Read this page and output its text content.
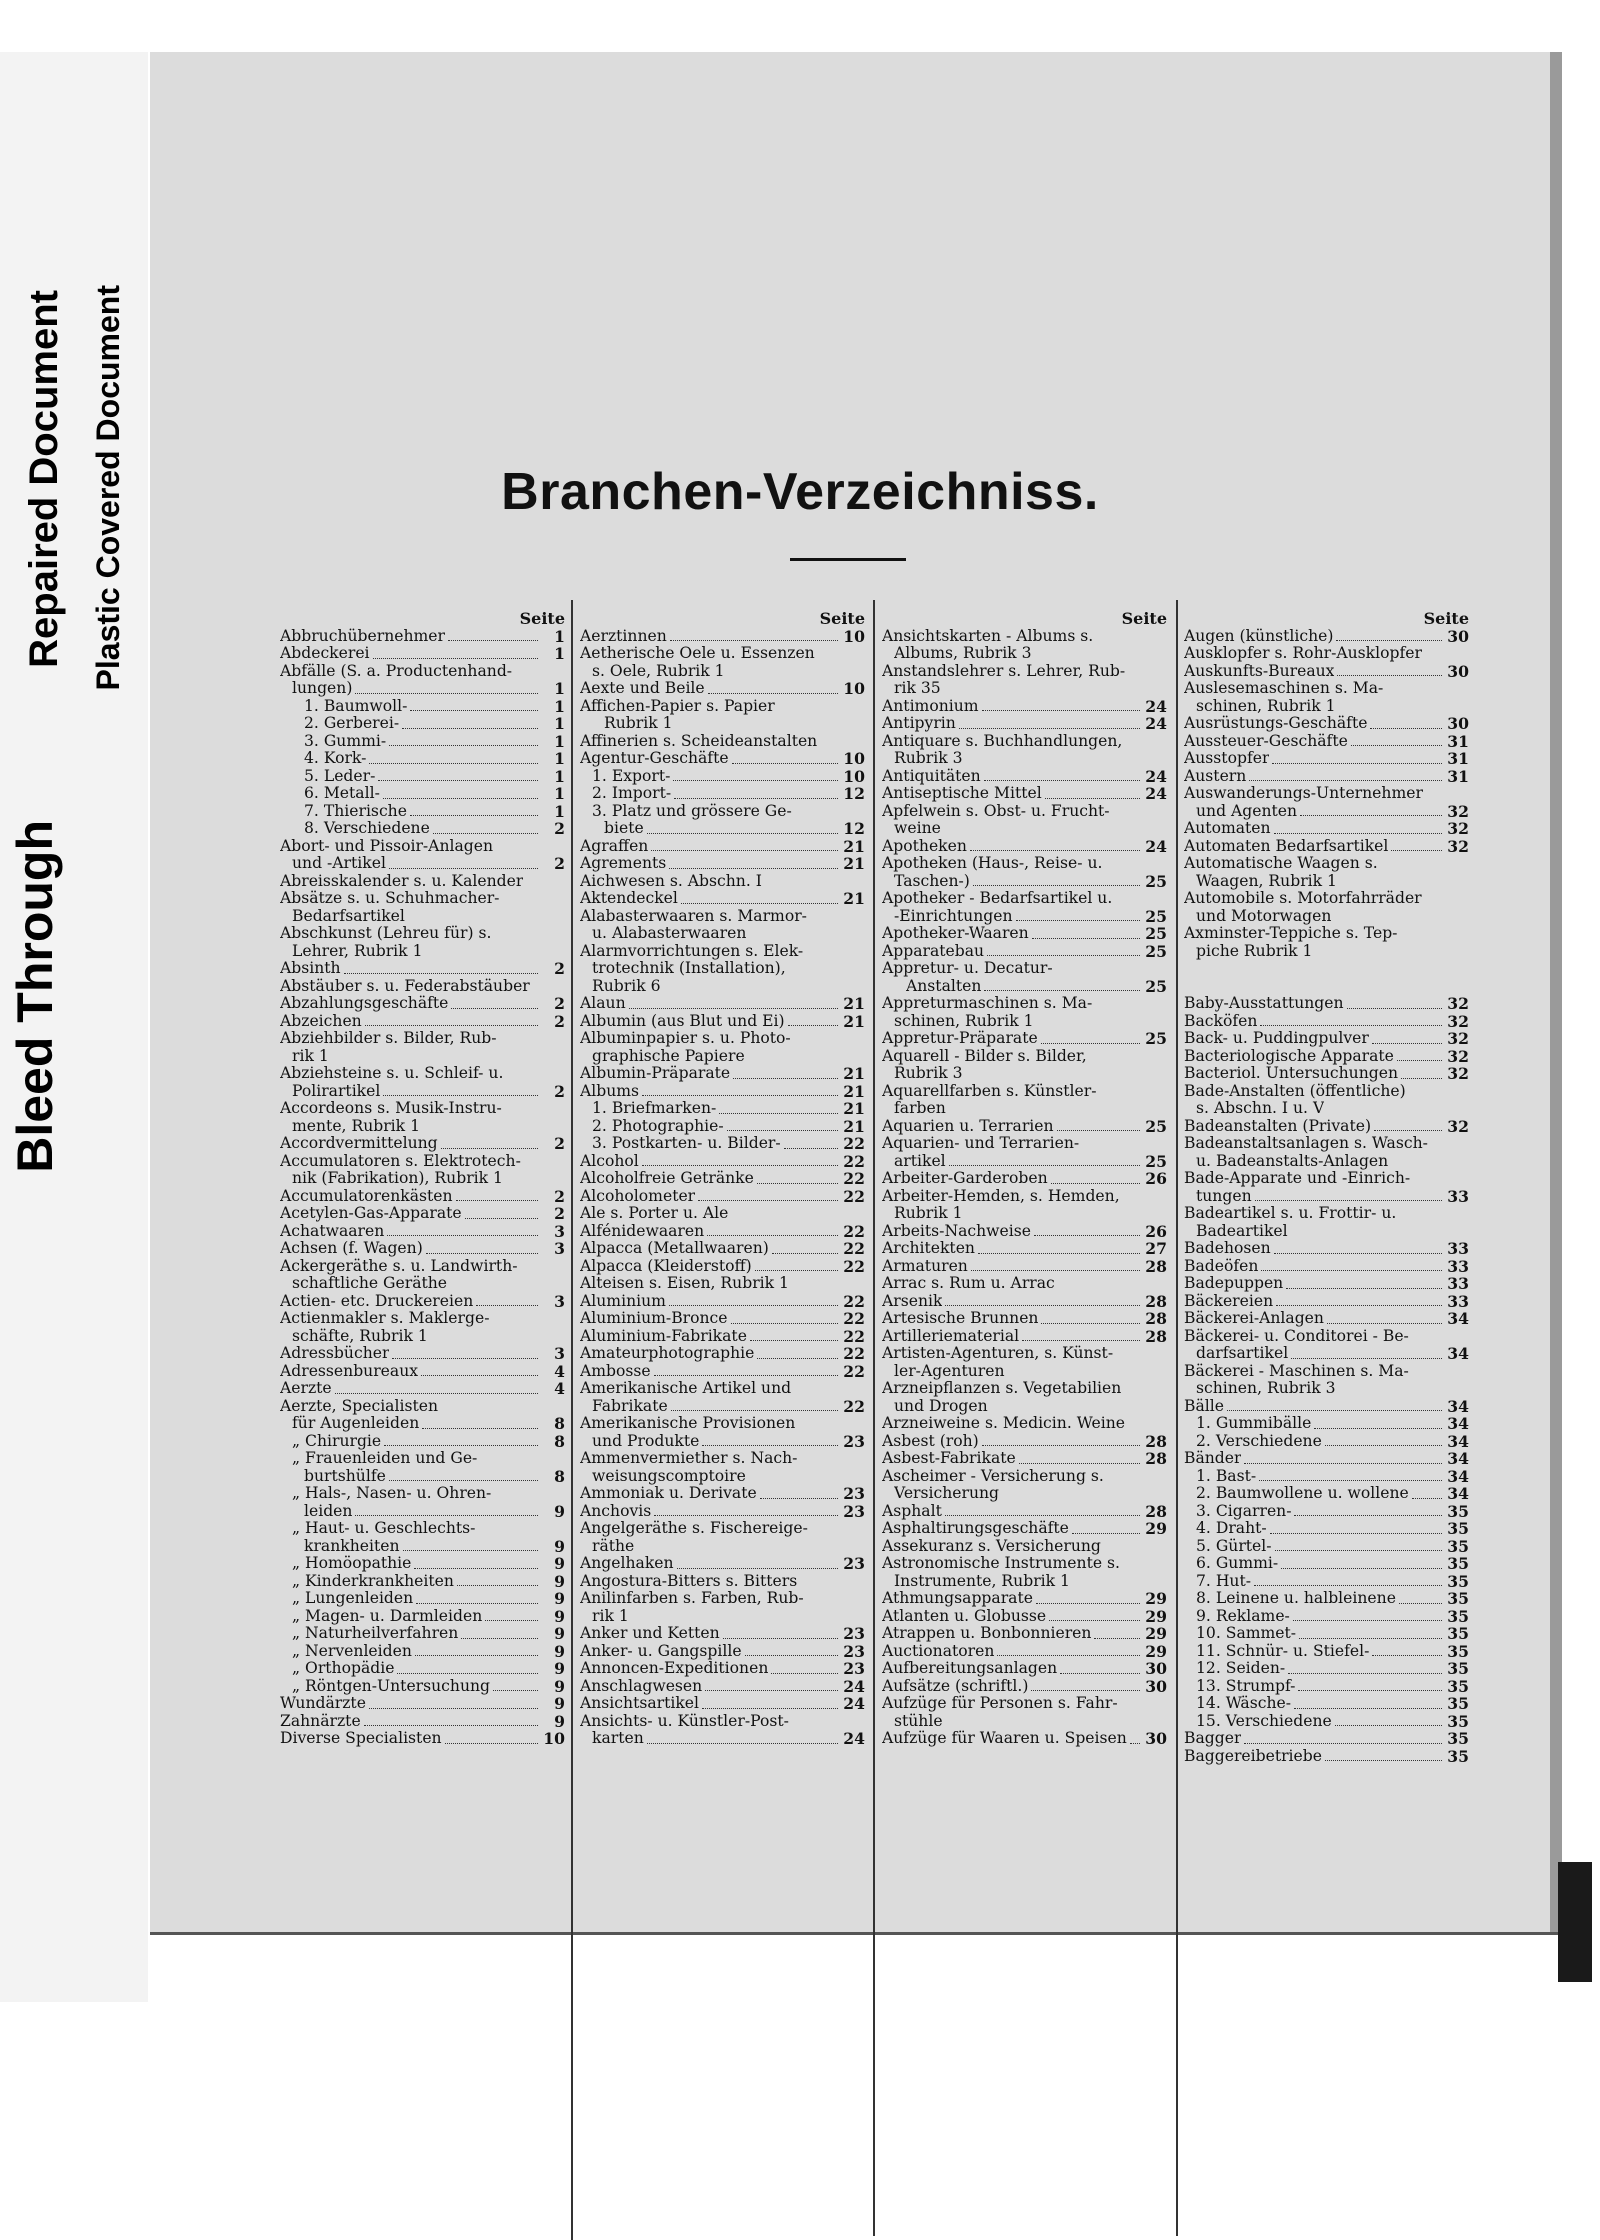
Bleed Through
Repaired Document Plastic Covered Document	Branchen-Verzeichniss.
Seite
Abbruchübernehmer	1
Abdeckerei	1
Abfälle (S. a. Productenhand-
lungen)	1
1. Baumwoll-	1
2. Gerberei-	1
3. Gummi-	1
4. Kork-	1
5. Leder-	1
6. Metall-	1
7. Thierische	1
8. Verschiedene	2
Abort- und Pissoir-Anlagen
und -Artikel	2
Abreisskalender s. u. Kalender
Absätze s. u. Schuhmacher-
Bedarfsartikel
Abschkunst (Lehreu für) s.
Lehrer, Rubrik 1
Absinth	2
Abstäuber s. u. Federabstäuber
Abzahlungsgeschäfte	2
Abzeichen	2
Abziehbilder s. Bilder, Rub-
rik 1
Abziehsteine s. u. Schleif- u.
Polirartikel	2
Accordeons s. Musik-Instru-
mente, Rubrik 1
Accordvermittelung	2
Accumulatoren s. Elektrotech-
nik (Fabrikation), Rubrik 1
Accumulatorenkästen	2
Acetylen-Gas-Apparate	2
Achatwaaren	3
Achsen (f. Wagen)	3
Ackergeräthe s. u. Landwirth-
schaftliche Geräthe
Actien- etc. Druckereien	3
Actienmakler s. Maklerge-
schäfte, Rubrik 1
Adressbücher	3
Adressenbureaux	4
Aerzte	4
Aerzte, Specialisten
für Augenleiden	8
„ Chirurgie	8
„ Frauenleiden und Ge-
burtshülfe	8
„ Hals-, Nasen- u. Ohren-
leiden	9
„ Haut- u. Geschlechts-
krankheiten	9
„ Homöopathie	9
„ Kinderkrankheiten	9
„ Lungenleiden	9
„ Magen- u. Darmleiden	9
„ Naturheilverfahren	9
„ Nervenleiden	9
„ Orthopädie	9
„ Röntgen-Untersuchung	9
Wundärzte	9
Zahnärzte	9
Diverse Specialisten	10
Seite
Aerztinnen	10
Aetherische Oele u. Essenzen
s. Oele, Rubrik 1
Aexte und Beile	10
Affichen-Papier s. Papier
Rubrik 1
Affinerien s. Scheideanstalten
Agentur-Geschäfte	10
1. Export-	10
2. Import-	12
3. Platz und grössere Ge-
biete	12
Agraffen	21
Agrements	21
Aichwesen s. Abschn. I
Aktendeckel	21
Alabasterwaaren s. Marmor-
u. Alabasterwaaren
Alarmvorrichtungen s. Elek-
trotechnik (Installation),
Rubrik 6
Alaun	21
Albumin (aus Blut und Ei)	21
Albuminpapier s. u. Photo-
graphische Papiere
Albumin-Präparate	21
Albums	21
1. Briefmarken-	21
2. Photographie-	21
3. Postkarten- u. Bilder-	22
Alcohol	22
Alcoholfreie Getränke	22
Alcoholometer	22
Ale s. Porter u. Ale
Alfénidewaaren	22
Alpacca (Metallwaaren)	22
Alpacca (Kleiderstoff)	22
Alteisen s. Eisen, Rubrik 1
Aluminium	22
Aluminium-Bronce	22
Aluminium-Fabrikate	22
Amateurphotographie	22
Ambosse	22
Amerikanische Artikel und
Fabrikate	22
Amerikanische Provisionen
und Produkte	23
Ammenvermiether s. Nach-
weisungscomptoire
Ammoniak u. Derivate	23
Anchovis	23
Angelgeräthe s. Fischereige-
räthe
Angelhaken	23
Angostura-Bitters s. Bitters
Anilinfarben s. Farben, Rub-
rik 1
Anker und Ketten	23
Anker- u. Gangspille	23
Annoncen-Expeditionen	23
Anschlagwesen	24
Ansichtsartikel	24
Ansichts- u. Künstler-Post-
karten	24
Seite
Ansichtskarten - Albums s.
Albums, Rubrik 3
Anstandslehrer s. Lehrer, Rub-
rik 35
Antimonium	24
Antipyrin	24
Antiquare s. Buchhandlungen,
Rubrik 3
Antiquitäten	24
Antiseptische Mittel	24
Apfelwein s. Obst- u. Frucht-
weine
Apotheken	24
Apotheken (Haus-, Reise- u.
Taschen-)	25
Apotheker - Bedarfsartikel u.
-Einrichtungen	25
Apotheker-Waaren	25
Apparatebau	25
Appretur- u. Decatur-
Anstalten	25
Appreturmaschinen s. Ma-
schinen, Rubrik 1
Appretur-Präparate	25
Aquarell - Bilder s. Bilder,
Rubrik 3
Aquarellfarben s. Künstler-
farben
Aquarien u. Terrarien	25
Aquarien- und Terrarien-
artikel	25
Arbeiter-Garderoben	26
Arbeiter-Hemden, s. Hemden,
Rubrik 1
Arbeits-Nachweise	26
Architekten	27
Armaturen	28
Arrac s. Rum u. Arrac
Arsenik	28
Artesische Brunnen	28
Artilleriematerial	28
Artisten-Agenturen, s. Künst-
ler-Agenturen
Arzneipflanzen s. Vegetabilien
und Drogen
Arzneiweine s. Medicin. Weine
Asbest (roh)	28
Asbest-Fabrikate	28
Ascheimer - Versicherung s.
Versicherung
Asphalt	28
Asphaltirungsgeschäfte	29
Assekuranz s. Versicherung
Astronomische Instrumente s.
Instrumente, Rubrik 1
Athmungsapparate	29
Atlanten u. Globusse	29
Atrappen u. Bonbonnieren	29
Auctionatoren	29
Aufbereitungsanlagen	30
Aufsätze (schriftl.)	30
Aufzüge für Personen s. Fahr-
stühle
Aufzüge für Waaren u. Speisen 30
Seite
Augen (künstliche)	30
Ausklopfer s. Rohr-Ausklopfer
Auskunfts-Bureaux	30
Auslesemaschinen s. Ma-
schinen, Rubrik 1
Ausrüstungs-Geschäfte	30
Aussteuer-Geschäfte	31
Ausstopfer	31
Austern	31
Auswanderungs-Unternehmer
und Agenten	32
Automaten	32
Automaten Bedarfsartikel	32
Automatische Waagen s.
Waagen, Rubrik 1
Automobile s. Motorfahrräder
und Motorwagen
Axminster-Teppiche s. Tep-
piche Rubrik 1
Baby-Ausstattungen	32
Backöfen	32
Back- u. Puddingpulver	32
Bacteriologische Apparate	32
Bacteriol. Untersuchungen	32
Bade-Anstalten (öffentliche)
s. Abschn. I u. V
Badeanstalten (Private)	32
Badeanstaltsanlagen s. Wasch-
u. Badeanstalts-Anlagen
Bade-Apparate und -Einrich-
tungen	33
Badeartikel s. u. Frottir- u.
Badeartikel
Badehosen	33
Badeöfen	33
Badepuppen	33
Bäckereien	33
Bäckerei-Anlagen	34
Bäckerei- u. Conditorei - Be-
darfsartikel	34
Bäckerei - Maschinen s. Ma-
schinen, Rubrik 3
Bälle	34
1. Gummibälle	34
2. Verschiedene	34
Bänder	34
1. Bast-	34
2. Baumwollene u. wollene 34
3. Cigarren-	35
4. Draht-	35
5. Gürtel-	35
6. Gummi-	35
7. Hut-	35
8. Leinene u. halbleinene	35
9. Reklame-	35
10. Sammet-	35
11. Schnür- u. Stiefel-	35
12. Seiden-	35
13. Strumpf-	35
14. Wäsche-	35
15. Verschiedene	35
Bagger	35
Baggereibetriebe	35
